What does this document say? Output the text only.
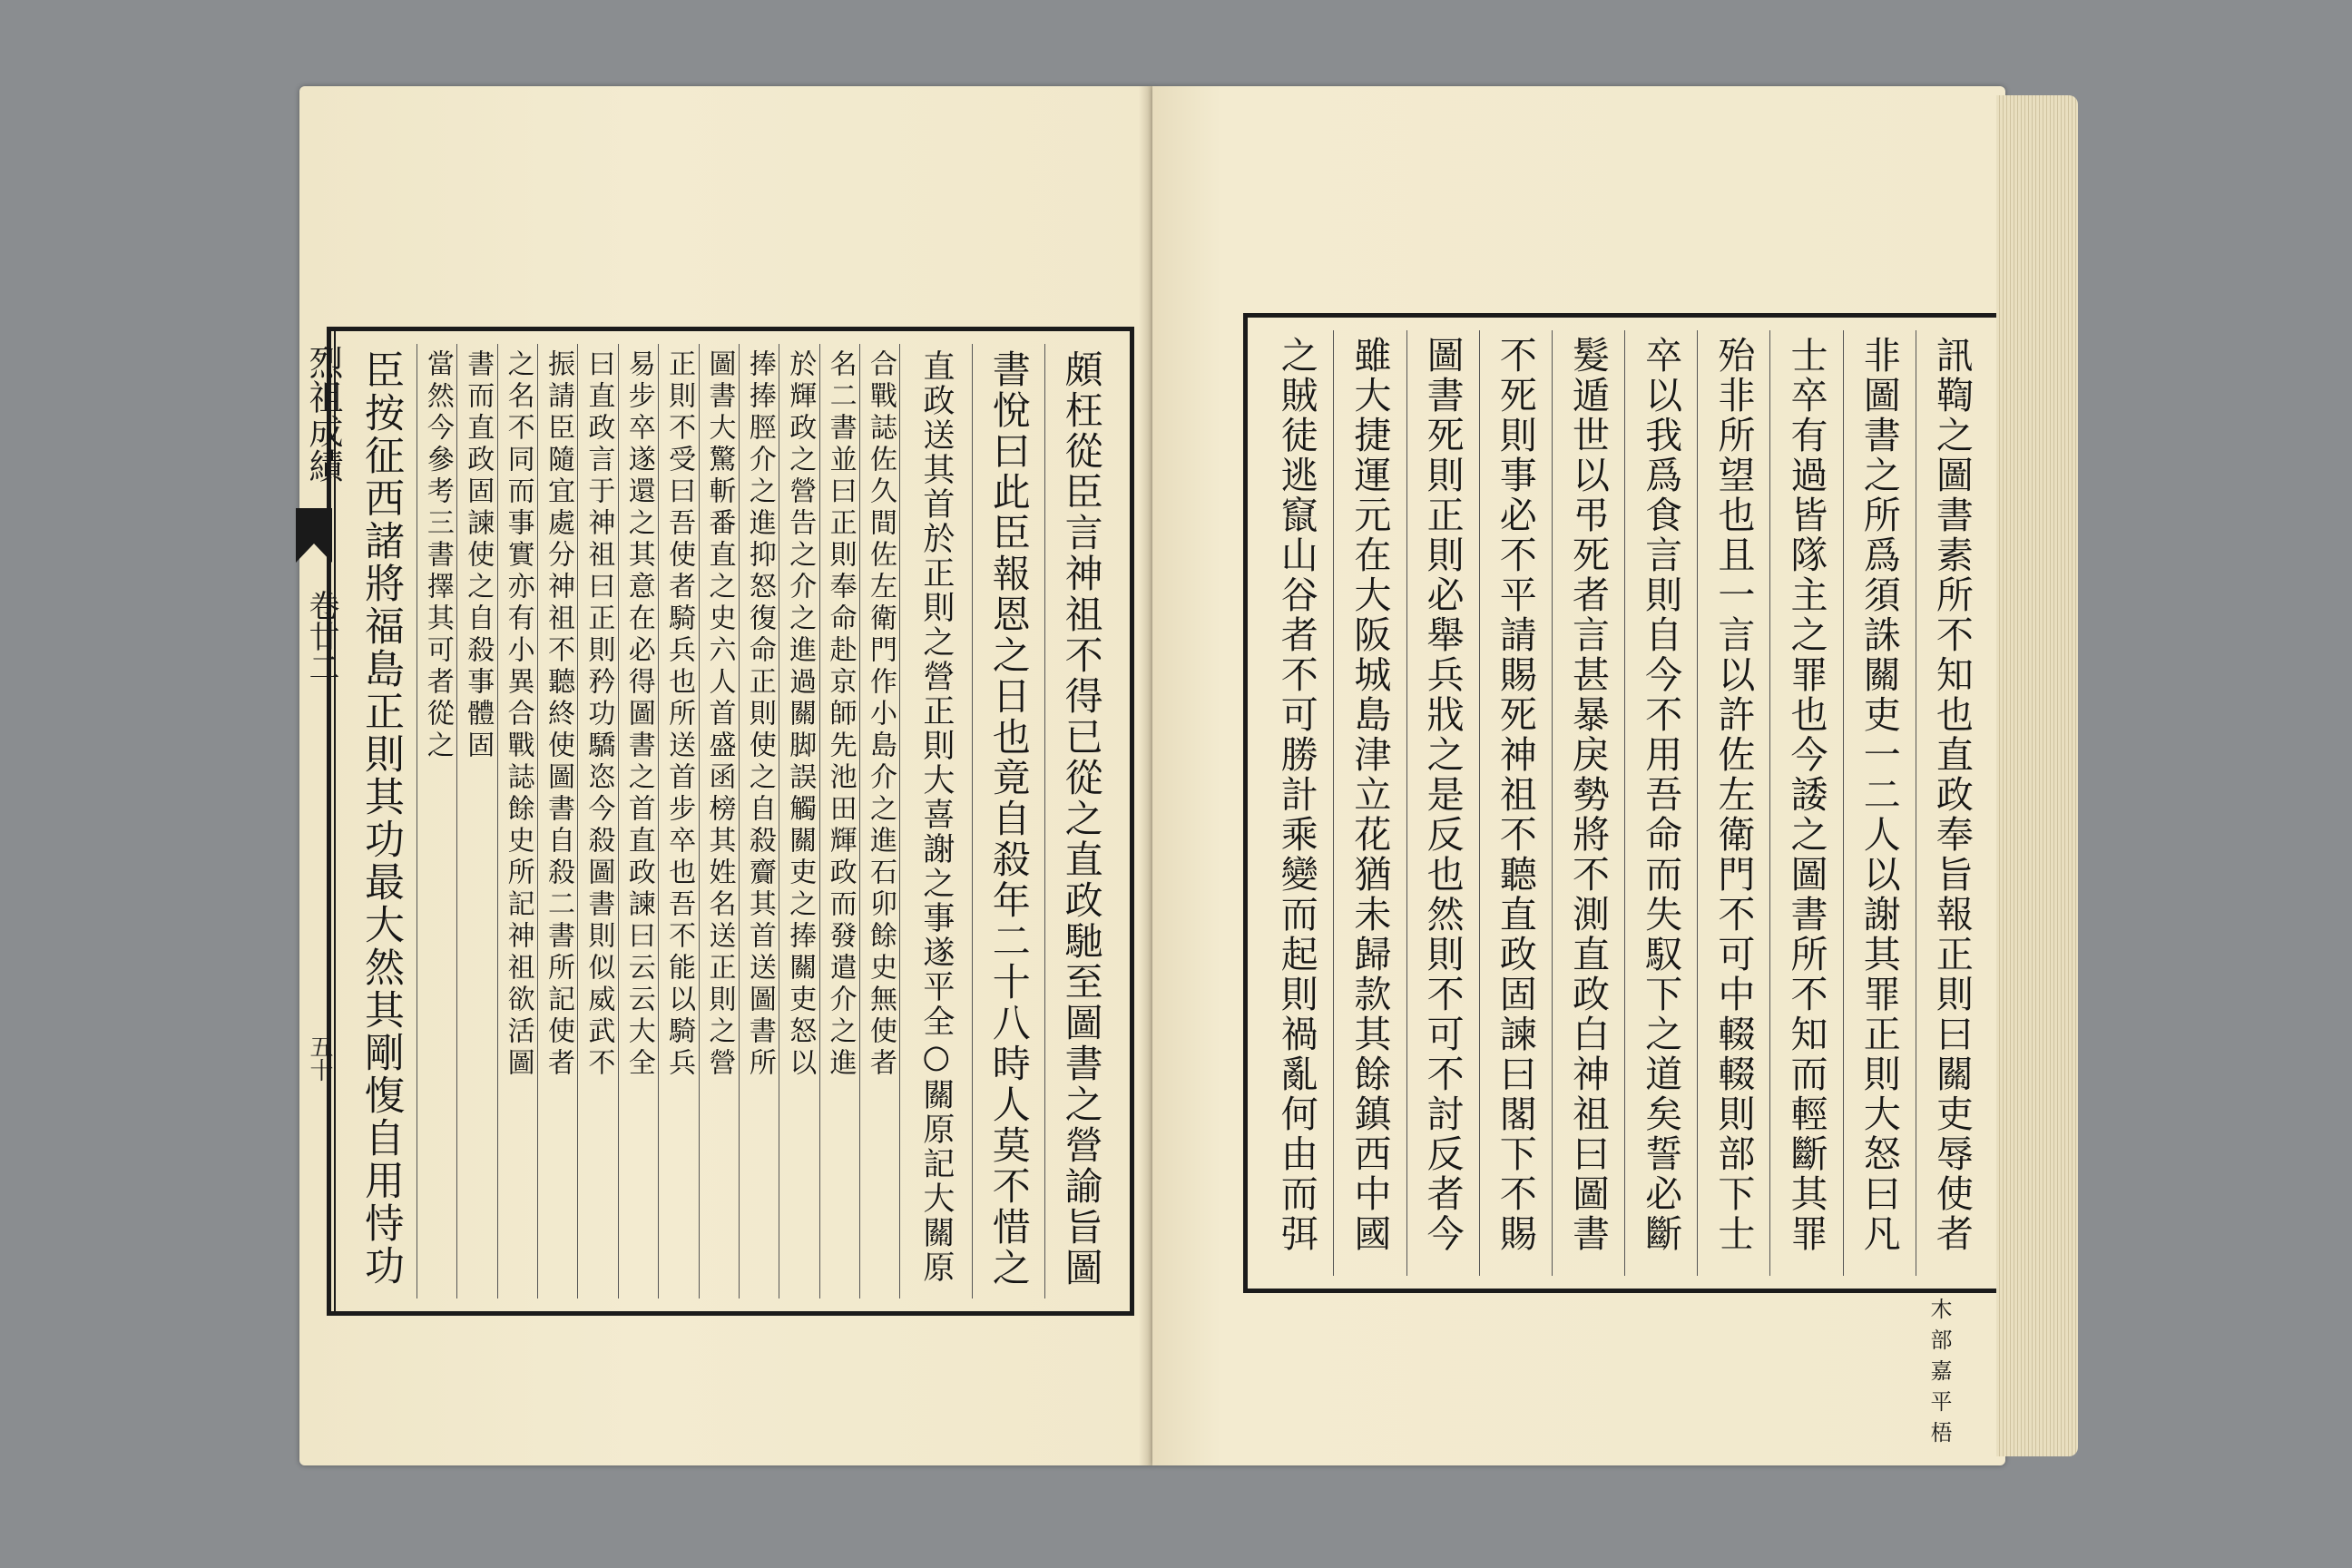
頗枉從臣言神祖不得已從之直政馳至圖書之營諭旨圖
書悅曰此臣報恩之日也竟自殺年二十八時人莫不惜之
直政送其首於正則之營正則大喜謝之事遂平全○關原記大關原
合戰誌佐久間佐左衛門作小島介之進石卯餘史無使者
名二書並曰正則奉命赴京師先池田輝政而發遣介之進
於輝政之營告之介之進過關脚誤觸關吏之捧關吏怒以
捧捧脛介之進抑怒復命正則使之自殺齎其首送圖書所
圖書大驚斬番直之史六人首盛函榜其姓名送正則之營
正則不受曰吾使者騎兵也所送首步卒也吾不能以騎兵
易步卒遂還之其意在必得圖書之首直政諫曰云云大全
曰直政言于神祖曰正則矜功驕恣今殺圖書則似威武不
振請臣隨宜處分神祖不聽終使圖書自殺二書所記使者
之名不同而事實亦有小異合戰誌餘史所記神祖欲活圖
書而直政固諫使之自殺事體固
當然今參考三書擇其可者從之
臣按征西諸將福島正則其功最大然其剛愎自用恃功
烈祖成績
卷廿二
五十	訊鞫之圖書素所不知也直政奉旨報正則曰關吏辱使者
非圖書之所爲須誅關吏一二人以謝其罪正則大怒曰凡
士卒有過皆隊主之罪也今諉之圖書所不知而輕斷其罪
殆非所望也且一言以許佐左衛門不可中輟輟則部下士
卒以我爲食言則自今不用吾命而失馭下之道矣誓必斷
髮遁世以弔死者言甚暴戾勢將不測直政白神祖曰圖書
不死則事必不平請賜死神祖不聽直政固諫曰閣下不賜
圖書死則正則必舉兵戕之是反也然則不可不討反者今
雖大捷運元在大阪城島津立花猶未歸款其餘鎮西中國
之賊徒逃竄山谷者不可勝計乘變而起則禍亂何由而弭
木部嘉平梧
